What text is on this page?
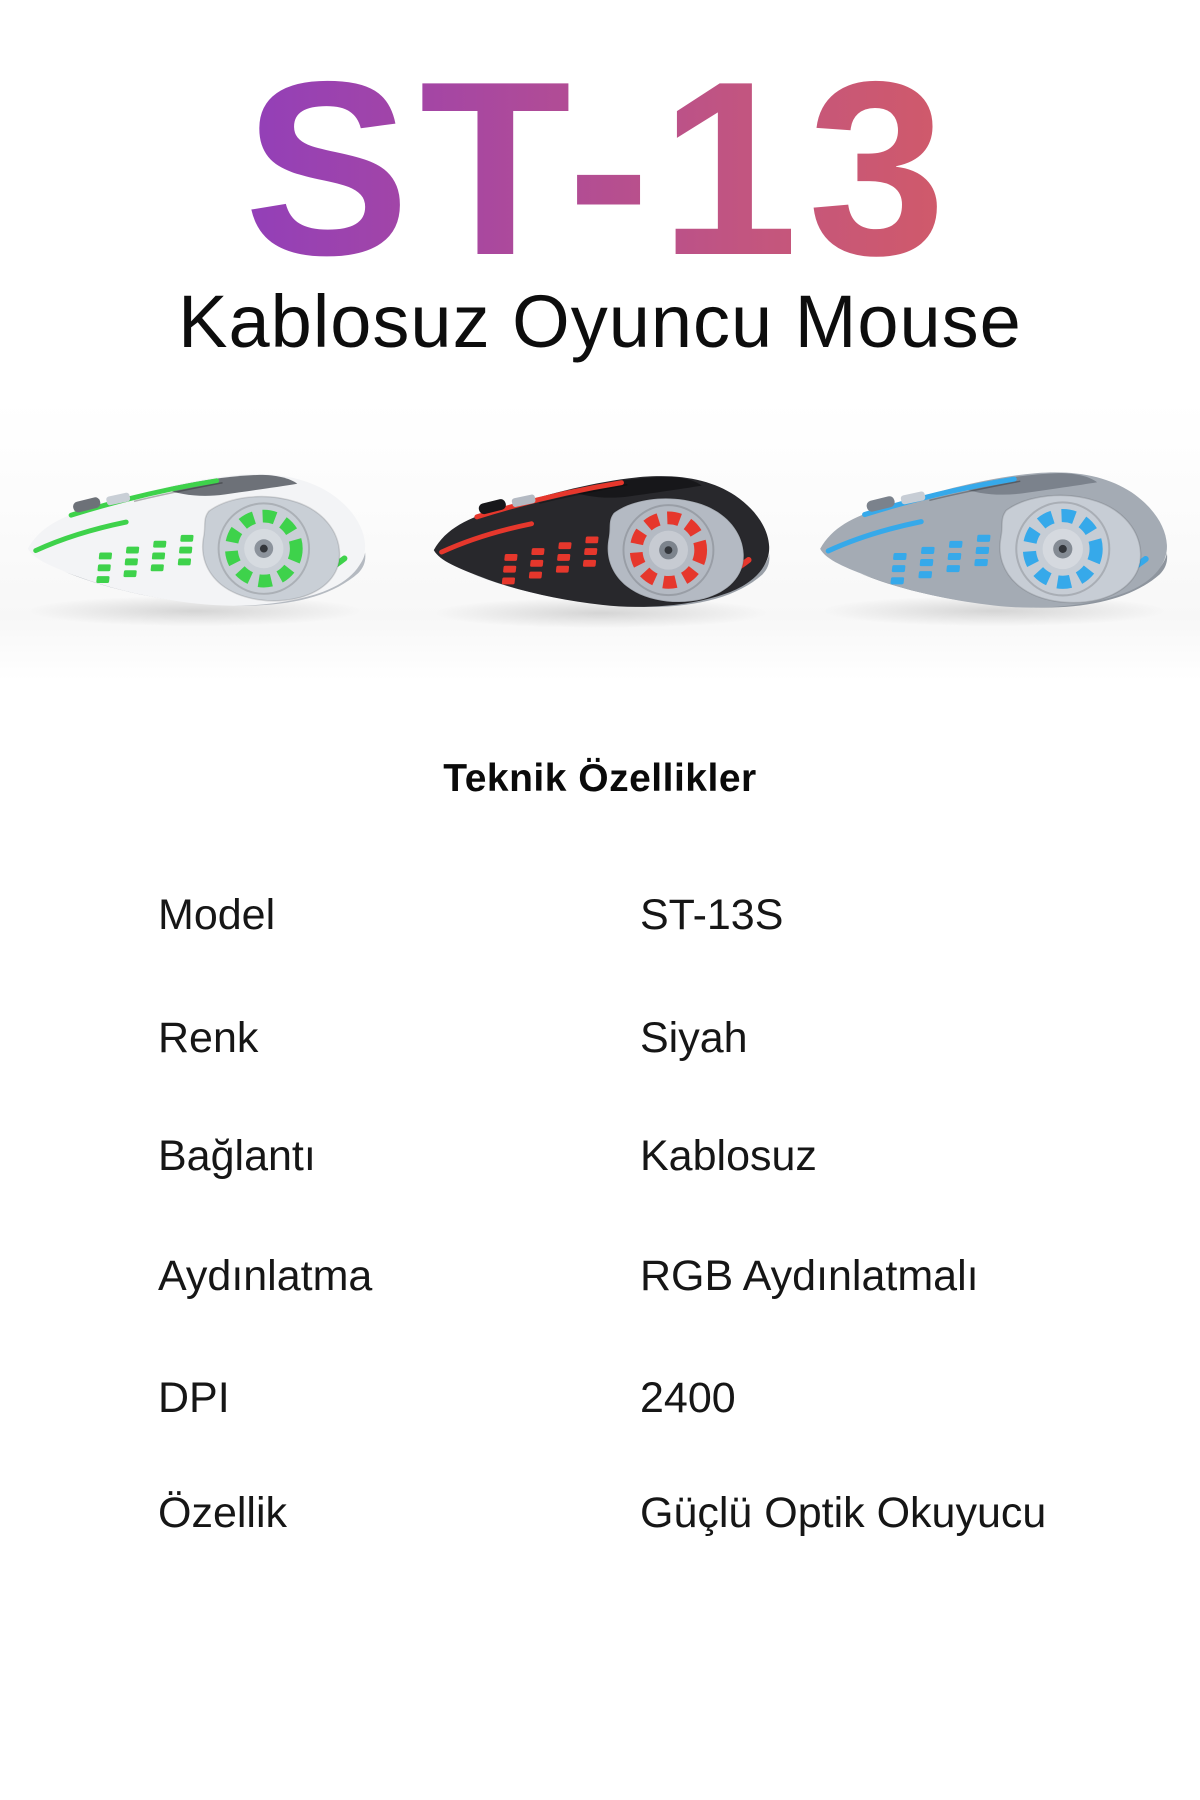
ST-13
Kablosuz Oyuncu Mouse
Teknik Özellikler
Model	ST-13S
Renk	Siyah
Bağlantı	Kablosuz
Aydınlatma	RGB Aydınlatmalı
DPI	2400
Özellik	Güçlü Optik Okuyucu
